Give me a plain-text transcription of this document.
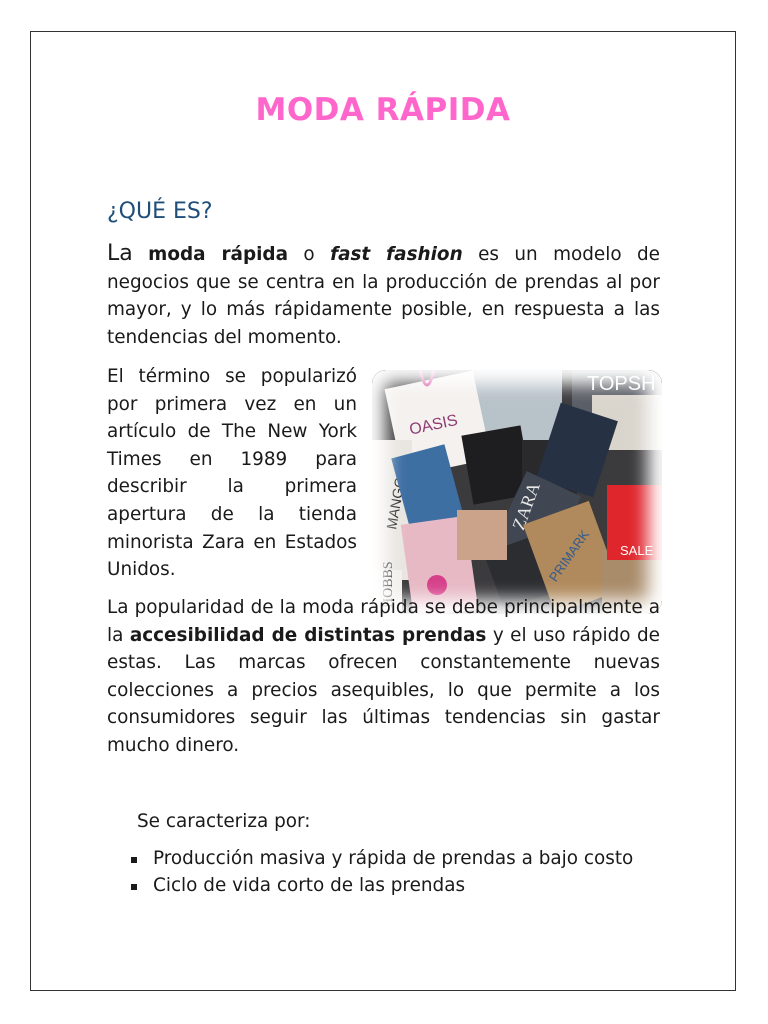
MODA RÁPIDA
¿QUÉ ES?
La moda rápida o fast fashion es un modelo de negocios que se centra en la producción de prendas al por mayor, y lo más rápidamente posible, en respuesta a las tendencias del momento.
El término se popularizó por primera vez en un artículo de The New York Times en 1989 para describir la primera apertura de la tienda minorista Zara en Estados Unidos.
TOPSH
OASIS
MANGO	ZARA
PRIMARK SALE
HOBBS
La popularidad de la moda rápida se debe principalmente a la accesibilidad de distintas prendas y el uso rápido de estas. Las marcas ofrecen constantemente nuevas colecciones a precios asequibles, lo que permite a los consumidores seguir las últimas tendencias sin gastar mucho dinero.
Se caracteriza por:
Producción masiva y rápida de prendas a bajo costo
Ciclo de vida corto de las prendas
